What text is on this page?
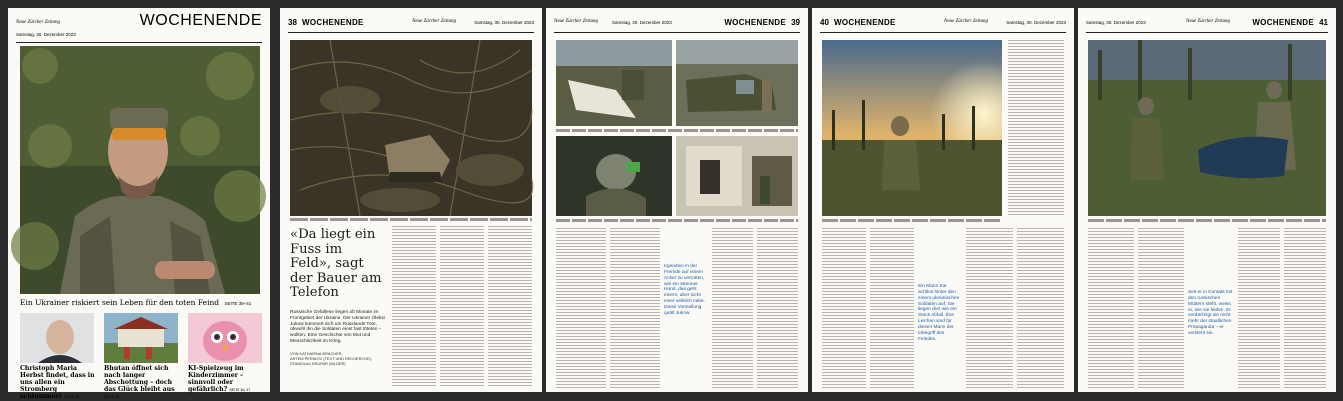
Neue Zürcher Zeitung	WOCHENENDE
Samstag, 30. Dezember 2023
Ein Ukrainer riskiert sein Leben für den toten Feind SEITE 38–41
Christoph Maria Herbst findet, dass in uns allen ein Stromberg schlummert SEITE 42
Bhutan öffnet sich nach langer Abschottung – doch das Glück bleibt aus SEITE 43
KI-Spielzeug im Kinderzimmer – sinnvoll oder gefährlich? SEITE 46, 47
38 WOCHENENDE	Neue Zürcher Zeitung	Samstag, 30. Dezember 2023
«Da liegt ein Fuss im Feld», sagt der Bauer am Telefon
Russische Gefallene liegen oft Monate im Frontgebiet der Ukraine. Der Ukrainer Oleksi Jukow kümmert sich um Russlands Tote, obwohl ihn die Soldaten einst fast töteten – wollten. Eine Geschichte von Mut und Menschlichkeit im Krieg.
VON KATHARINA BRACHER,
ARTEM PERNIOV (TEXT UND RECHERCHE),
STANISLAV KRUPAR (BILDER)
Neue Zürcher Zeitung	Samstag, 30. Dezember 2023	WOCHENENDE 39
Irgendwo in der Fremde auf einem Acker zu verrotten, wie ein streuner Hund, das geht einem, aber nicht einer wirklich nahe. Diese Vorstellung quält Jukow.
40 WOCHENENDE	Neue Zürcher Zeitung	Samstag, 30. Dezember 2023
Ein Mann trat achtlos hinter den einem ukrainischen Soldaten auf. Sie liegen dort wie ein Stück Abfall. Ihre Leichen sind für diesen Mann der Inbegriff des Feindes.
Samstag, 30. Dezember 2023	Neue Zürcher Zeitung	WOCHENENDE 41
Seit er in Kontakt mit den russischen Müttern steht, weiss er, wie sie leiden. Er verdächtigt sie nicht mehr der staatlichen Propaganda – er versteht sie.
